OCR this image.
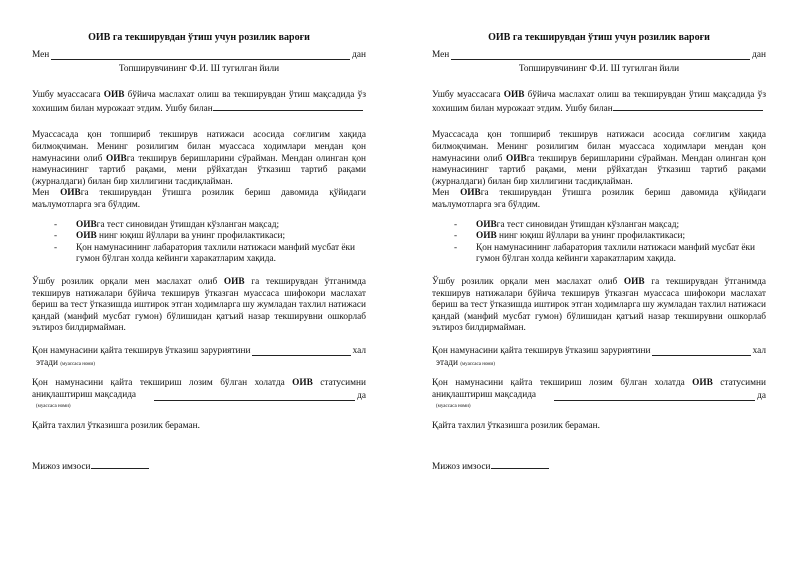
ОИВ га текширувдан ўтиш учун розилик вароғи
Мен	дан
Топширувчининг Ф.И. Ш тугилган йили

Ушбу муассасага ОИВ бўйича маслахат олиш ва текширувдан ўтиш мақсадида ўз хохишим билан мурожаат этдим. Ушбу билан

Муассасада қон топшириб текширув натижаси асосида соғлигим хақида билмоқчиман. Менинг розилигим билан муассаса ходимлари мендан қон намунасини олиб ОИВга текширув беришларини сўрайман. Мендан олинган қон намунасининг тартиб рақами, мени рўйхатдан ўтказиш тартиб рақами (журналдаги) билан бир хиллигини тасдиқлайман.

Мен ОИВга текширувдан ўтишга розилик бериш давомида қўйидаги маълумотларга эга бўлдим.

- ОИВга тест синовидан ўтишдан кўзланган мақсад;
- ОИВ нинг юқиш йўллари ва унинг профилактикаси;
- Қон намунасининг лабаратория тахлили натижаси манфий мусбат ёки гумон бўлган холда кейинги харакатларим хақида.

Ўшбу розилик орқали мен маслахат олиб ОИВ га текширувдан ўтганимда текширув натижалари бўйича текширув ўтказган муассаса шифокори маслахат бериш ва тест ўтказишда иштирок этган ходимларга шу жумладан тахлил натижаси қандай (манфий мусбат гумон) бўлишидан қатъий назар текширувни ошкорлаб эътироз билдирмайман.

Қон намунасини қайта текширув ўтказиш заруриятини	хал
этади (муассаса номи)

Қон намунасини қайта текшириш лозим бўлган холатда ОИВ статусимни аниқлаштириш мақсадида	да
(муассаса номи)
Қайта тахлил ўтказишга розилик бераман.
Мижоз имзоси
ОИВ га текширувдан ўтиш учун розилик вароғи
Мен	дан
Топширувчининг Ф.И. Ш тугилган йили

Ушбу муассасага ОИВ бўйича маслахат олиш ва текширувдан ўтиш мақсадида ўз хохишим билан мурожаат этдим. Ушбу билан

Муассасада қон топшириб текширув натижаси асосида соғлигим хақида билмоқчиман. Менинг розилигим билан муассаса ходимлари мендан қон намунасини олиб ОИВга текширув беришларини сўрайман. Мендан олинган қон намунасининг тартиб рақами, мени рўйхатдан ўтказиш тартиб рақами (журналдаги) билан бир хиллигини тасдиқлайман.

Мен ОИВга текширувдан ўтишга розилик бериш давомида қўйидаги маълумотларга эга бўлдим.

- ОИВга тест синовидан ўтишдан кўзланган мақсад;
- ОИВ нинг юқиш йўллари ва унинг профилактикаси;
- Қон намунасининг лабаратория тахлили натижаси манфий мусбат ёки гумон бўлган холда кейинги харакатларим хақида.

Ўшбу розилик орқали мен маслахат олиб ОИВ га текширувдан ўтганимда текширув натижалари бўйича текширув ўтказган муассаса шифокори маслахат бериш ва тест ўтказишда иштирок этган ходимларга шу жумладан тахлил натижаси қандай (манфий мусбат гумон) бўлишидан қатъий назар текширувни ошкорлаб эътироз билдирмайман.

Қон намунасини қайта текширув ўтказиш заруриятини	хал
этади (муассаса номи)

Қон намунасини қайта текшириш лозим бўлган холатда ОИВ статусимни аниқлаштириш мақсадида	да
(муассаса номи)
Қайта тахлил ўтказишга розилик бераман.
Мижоз имзоси
